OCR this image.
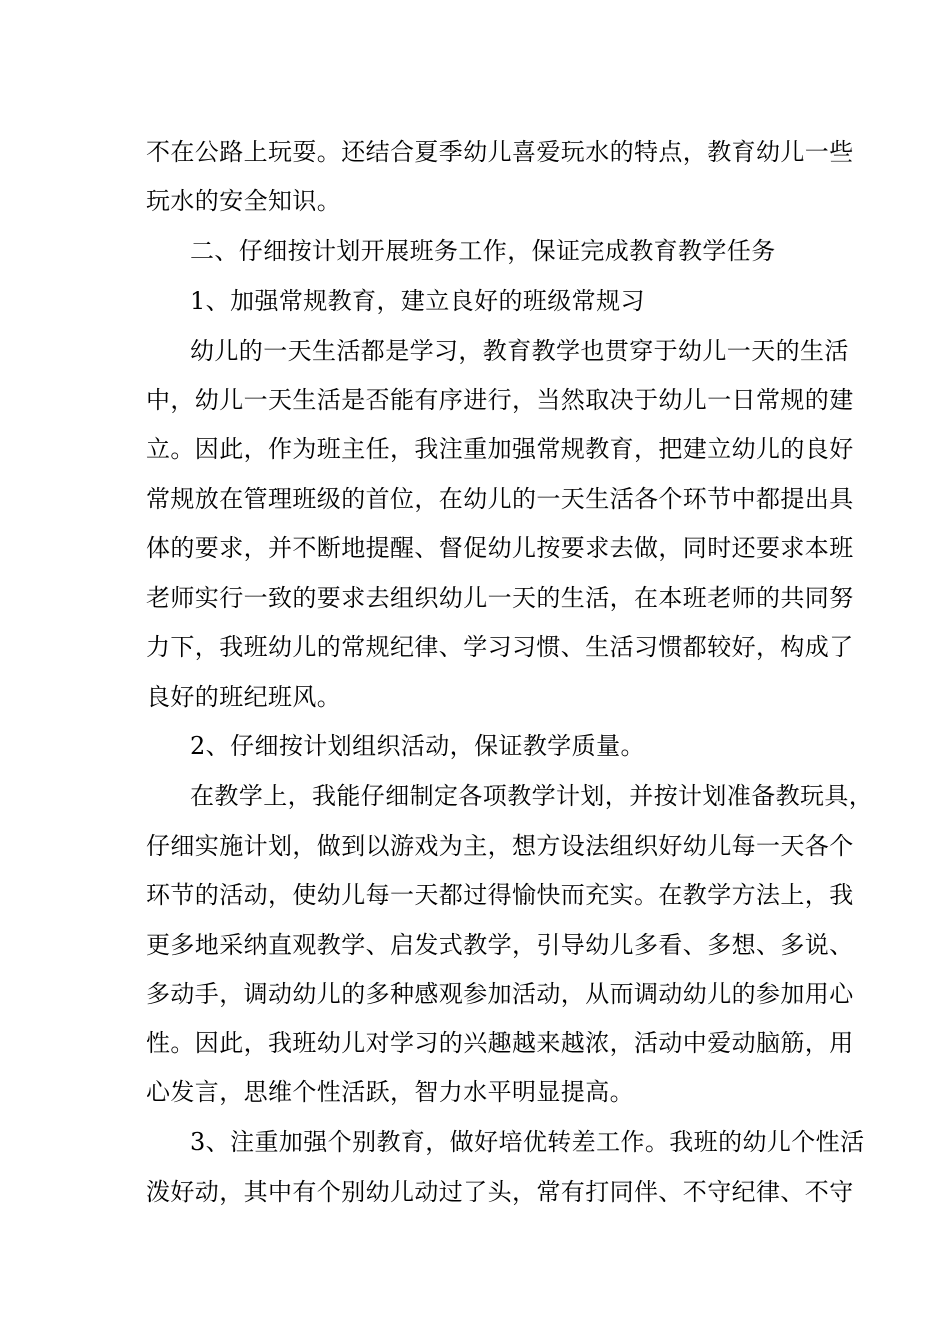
不在公路上玩耍。还结合夏季幼儿喜爱玩水的特点，教育幼儿一些

玩水的安全知识。

二、仔细按计划开展班务工作，保证完成教育教学任务

1、加强常规教育，建立良好的班级常规习

幼儿的一天生活都是学习，教育教学也贯穿于幼儿一天的生活

中，幼儿一天生活是否能有序进行，当然取决于幼儿一日常规的建

立。因此，作为班主任，我注重加强常规教育，把建立幼儿的良好

常规放在管理班级的首位，在幼儿的一天生活各个环节中都提出具

体的要求，并不断地提醒、督促幼儿按要求去做，同时还要求本班

老师实行一致的要求去组织幼儿一天的生活，在本班老师的共同努

力下，我班幼儿的常规纪律、学习习惯、生活习惯都较好，构成了

良好的班纪班风。

2、仔细按计划组织活动，保证教学质量。

在教学上，我能仔细制定各项教学计划，并按计划准备教玩具，

仔细实施计划，做到以游戏为主，想方设法组织好幼儿每一天各个

环节的活动，使幼儿每一天都过得愉快而充实。在教学方法上，我

更多地采纳直观教学、启发式教学，引导幼儿多看、多想、多说、

多动手，调动幼儿的多种感观参加活动，从而调动幼儿的参加用心

性。因此，我班幼儿对学习的兴趣越来越浓，活动中爱动脑筋，用

心发言，思维个性活跃，智力水平明显提高。

3、注重加强个别教育，做好培优转差工作。我班的幼儿个性活

泼好动，其中有个别幼儿动过了头，常有打同伴、不守纪律、不守
